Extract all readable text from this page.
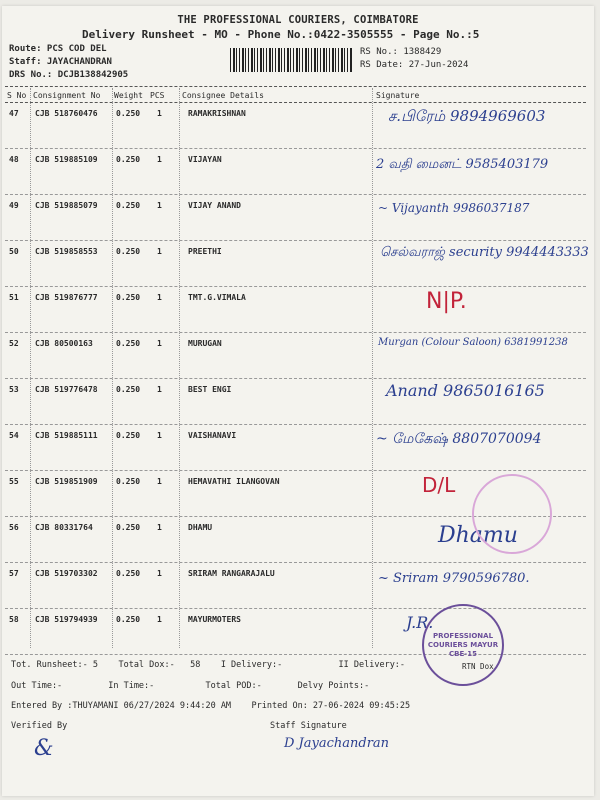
THE PROFESSIONAL COURIERS, COIMBATORE
Delivery Runsheet - MO - Phone No.:0422-3505555 - Page No.:5
Route: PCS COD DEL
Staff: JAYACHANDRAN
DRS No.: DCJB138842905
RS No.: 1388429
RS Date: 27-Jun-2024
S No Consignment No Weight PCS Consignee Details	Signature
47 CJB 518760476 0.250 1	RAMAKRISHNAN	ச.பிரேம் 9894969603
48 CJB 519885109 0.250 1	VIJAYAN	2 வதி மைனட் 9585403179
49 CJB 519885079 0.250 1	VIJAY ANAND	~ Vijayanth 9986037187
50 CJB 519858553 0.250 1	PREETHI	செல்வராஜ் security 9944443333
51 CJB 519876777 0.250 1	TMT.G.VIMALA	N|P.
52 CJB 80500163	0.250 1	MURUGAN	Murgan (Colour Saloon) 6381991238
53 CJB 519776478 0.250 1	BEST ENGI	Anand 9865016165
54 CJB 519885111 0.250 1	VAISHANAVI	~ மேகேஷ் 8807070094
55 CJB 519851909 0.250 1	HEMAVATHI ILANGOVAN	D/L
56 CJB 80331764	0.250 1	DHAMU	Dhamu
57 CJB 519703302 0.250 1	SRIRAM RANGARAJALU	~ Sriram 9790596780.
58 CJB 519794939 0.250 1	MAYURMOTERS	J.R.
PROFESSIONAL COURIERS MAYUR CBE-15
Tot. Runsheet:- 5    Total Dox:-   58    I Delivery:-           II Delivery:-	RTN Dox
Out Time:-         In Time:-          Total POD:-       Delvy Points:-
Entered By :THUYAMANI 06/27/2024 9:44:20 AM    Printed On: 27-06-2024 09:45:25
Verified By	Staff Signature
D Jayachandran
&
